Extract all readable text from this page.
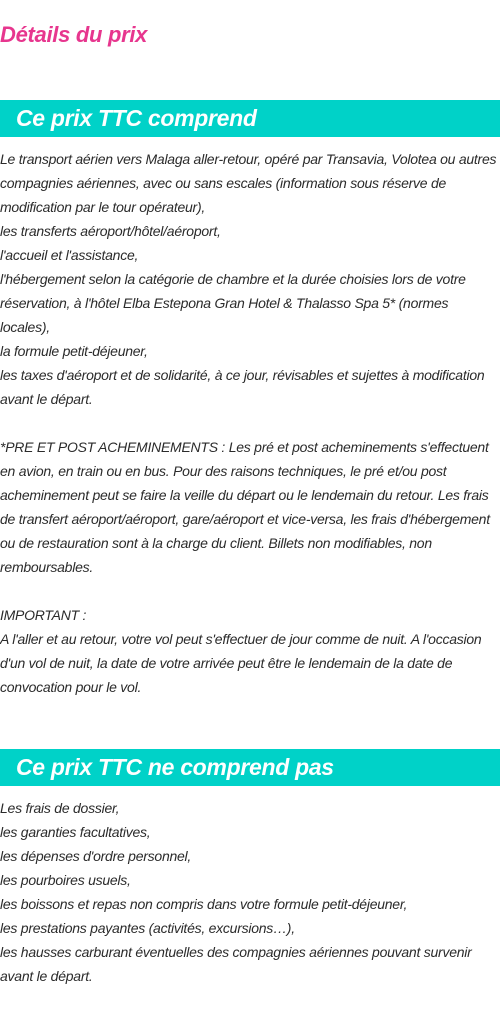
Détails du prix
Ce prix TTC comprend

Le transport aérien vers Malaga aller-retour, opéré par Transavia, Volotea ou autres compagnies aériennes, avec ou sans escales (information sous réserve de modification par le tour opérateur),

les transferts aéroport/hôtel/aéroport,

l'accueil et l'assistance,

l'hébergement selon la catégorie de chambre et la durée choisies lors de votre réservation, à l'hôtel Elba Estepona Gran Hotel & Thalasso Spa 5* (normes locales),

la formule petit-déjeuner,

les taxes d'aéroport et de solidarité, à ce jour, révisables et sujettes à modification avant le départ.

*PRE ET POST ACHEMINEMENTS : Les pré et post acheminements s'effectuent en avion, en train ou en bus. Pour des raisons techniques, le pré et/ou post acheminement peut se faire la veille du départ ou le lendemain du retour. Les frais de transfert aéroport/aéroport, gare/aéroport et vice-versa, les frais d'hébergement ou de restauration sont à la charge du client. Billets non modifiables, non remboursables.

IMPORTANT :

A l'aller et au retour, votre vol peut s'effectuer de jour comme de nuit. A l'occasion d'un vol de nuit, la date de votre arrivée peut être le lendemain de la date de convocation pour le vol.

Ce prix TTC ne comprend pas

Les frais de dossier,

les garanties facultatives,

les dépenses d'ordre personnel,

les pourboires usuels,

les boissons et repas non compris dans votre formule petit-déjeuner,

les prestations payantes (activités, excursions…),

les hausses carburant éventuelles des compagnies aériennes pouvant survenir avant le départ.
